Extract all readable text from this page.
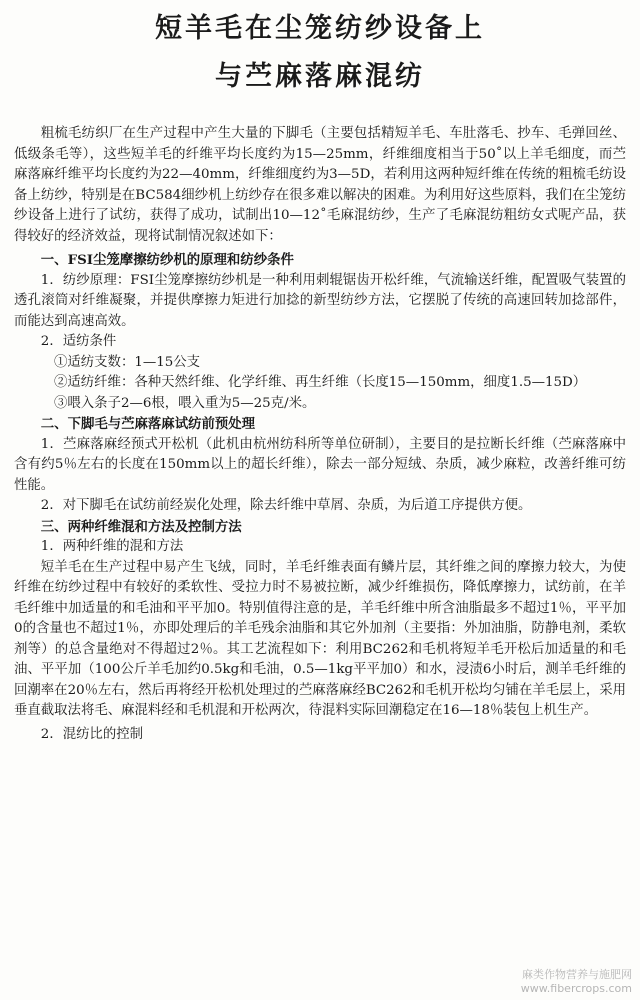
短羊毛在尘笼纺纱设备上
与苎麻落麻混纺

粗梳毛纺织厂在生产过程中产生大量的下脚毛（主要包括精短羊毛、车肚落毛、抄车、毛弹回丝、低级条毛等），这些短羊毛的纤维平均长度约为15—25mm，纤维细度相当于50˚以上羊毛细度，而苎麻落麻纤维平均长度约为22—40mm，纤维细度约为3—5D，若利用这两种短纤维在传统的粗梳毛纺设备上纺纱，特别是在BC584细纱机上纺纱存在很多难以解决的困难。为利用好这些原料，我们在尘笼纺纱设备上进行了试纺，获得了成功，试制出10—12˚毛麻混纺纱，生产了毛麻混纺粗纺女式呢产品，获得较好的经济效益，现将试制情况叙述如下：

一、FSI尘笼摩擦纺纱机的原理和纺纱条件

1．纺纱原理：FSI尘笼摩擦纺纱机是一种利用刺辊锯齿开松纤维，气流输送纤维，配置吸气装置的透孔滚筒对纤维凝聚，并提供摩擦力矩进行加捻的新型纺纱方法，它摆脱了传统的高速回转加捻部件，而能达到高速高效。

2．适纺条件

①适纺支数：1—15公支

②适纺纤维：各种天然纤维、化学纤维、再生纤维（长度15—150mm，细度1.5—15D）

③喂入条子2—6根，喂入重为5—25克/米。

二、下脚毛与苎麻落麻试纺前预处理

1．苎麻落麻经预式开松机（此机由杭州纺科所等单位研制），主要目的是拉断长纤维（苎麻落麻中含有约5％左右的长度在150mm以上的超长纤维），除去一部分短绒、杂质，减少麻粒，改善纤维可纺性能。

2．对下脚毛在试纺前经炭化处理，除去纤维中草屑、杂质，为后道工序提供方便。

三、两种纤维混和方法及控制方法

1．两种纤维的混和方法

短羊毛在生产过程中易产生飞绒，同时，羊毛纤维表面有鳞片层，其纤维之间的摩擦力较大，为使纤维在纺纱过程中有较好的柔软性、受拉力时不易被拉断，减少纤维损伤，降低摩擦力，试纺前，在羊毛纤维中加适量的和毛油和平平加0。特别值得注意的是，羊毛纤维中所含油脂最多不超过1％，平平加0的含量也不超过1％，亦即处理后的羊毛残余油脂和其它外加剂（主要指：外加油脂，防静电剂，柔软剂等）的总含量绝对不得超过2％。其工艺流程如下：利用BC262和毛机将短羊毛开松后加适量的和毛油、平平加（100公斤羊毛加约0.5kg和毛油，0.5—1kg平平加0）和水，浸渍6小时后，测羊毛纤维的回潮率在20％左右，然后再将经开松机处理过的苎麻落麻经BC262和毛机开松均匀铺在羊毛层上，采用垂直截取法将毛、麻混料经和毛机混和开松两次，待混料实际回潮稳定在16—18％装包上机生产。

2．混纺比的控制

麻类作物营养与施肥网
www.fibercrops.com
